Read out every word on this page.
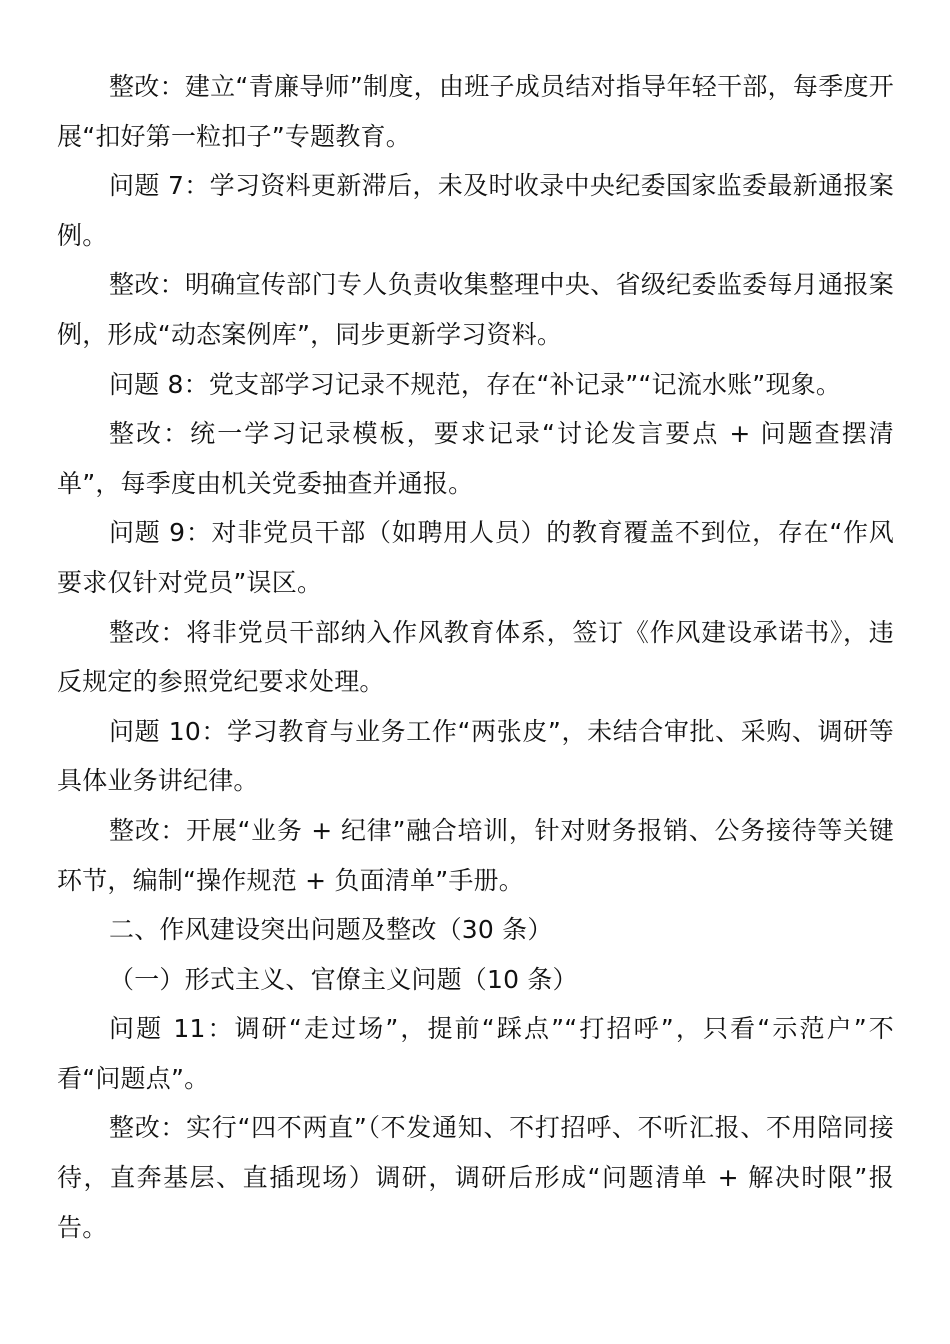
整改：建立“青廉导师”制度，由班子成员结对指导年轻干部，每季度开展“扣好第一粒扣子”专题教育。

问题 7：学习资料更新滞后，未及时收录中央纪委国家监委最新通报案例。

整改：明确宣传部门专人负责收集整理中央、省级纪委监委每月通报案例，形成“动态案例库”，同步更新学习资料。

问题 8：党支部学习记录不规范，存在“补记录”“记流水账”现象。

整改：统一学习记录模板，要求记录“讨论发言要点 + 问题查摆清单”，每季度由机关党委抽查并通报。

问题 9：对非党员干部（如聘用人员）的教育覆盖不到位，存在“作风要求仅针对党员”误区。

整改：将非党员干部纳入作风教育体系，签订《作风建设承诺书》，违反规定的参照党纪要求处理。

问题 10：学习教育与业务工作“两张皮”，未结合审批、采购、调研等具体业务讲纪律。

整改：开展“业务 + 纪律”融合培训，针对财务报销、公务接待等关键环节，编制“操作规范 + 负面清单”手册。

二、作风建设突出问题及整改（30 条）

（一）形式主义、官僚主义问题（10 条）

问题 11：调研“走过场”，提前“踩点”“打招呼”，只看“示范户”不看“问题点”。

整改：实行“四不两直”（不发通知、不打招呼、不听汇报、不用陪同接待，直奔基层、直插现场）调研，调研后形成“问题清单 + 解决时限”报告。
